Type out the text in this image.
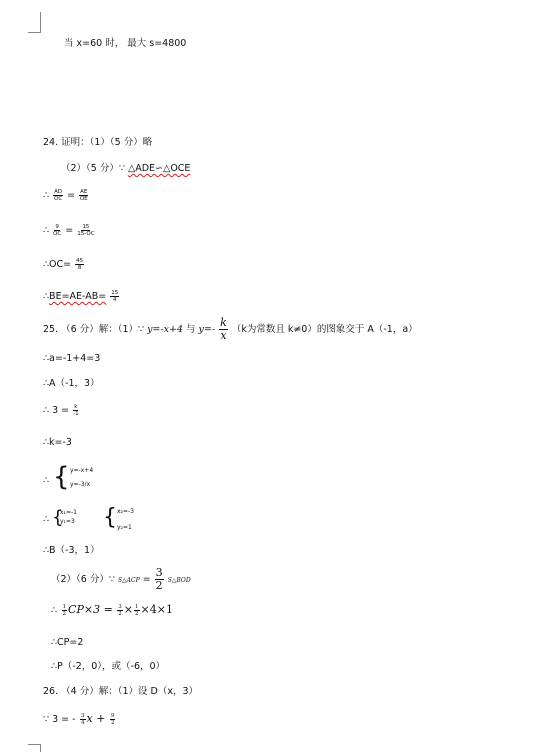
当 x=60 时， 最大 s=4800
24. 证明：（1）（5 分）略
（2）（5 分）∵ △ADE∽△OCE
∴ $\frac{AD}{OC} = \frac{AE}{OE}$
∴ $\frac{9}{OC} = \frac{15}{15-OC}$
∴OC= $\frac{45}{8}$
∴BE=AE-AB= $\frac{15}{4}$
25. （6 分）解：（1）∵ y=-x+4 与 $y=- \frac{k}{x} (k$为常数且 k≠0）的图象交于 A（-1，a）
∴a=-1+4=3
∴A（-1，3）
∴ $3 = \frac{k}{-1}$
∴k=-3
∴ { y=-x+4
y=-3/x
∴ {
x₁=-1
y₁=3 { x₂=-3
y₂=1
∴B（-3，1）
（2）（6 分）∵ S△ACP = $\frac{3}{2}$ S△BOD
∴ $\frac{1}{2} CP\times 3 = \frac{3}{2} \times \frac{1}{2} \times 4\times 1$
∴CP=2
∴P（-2，0），或（-6，0）
26. （4 分）解：（1）设 D（x，3）
∵ 3 = - $\frac{3}{4}$ $x + \frac{9}{2}$
